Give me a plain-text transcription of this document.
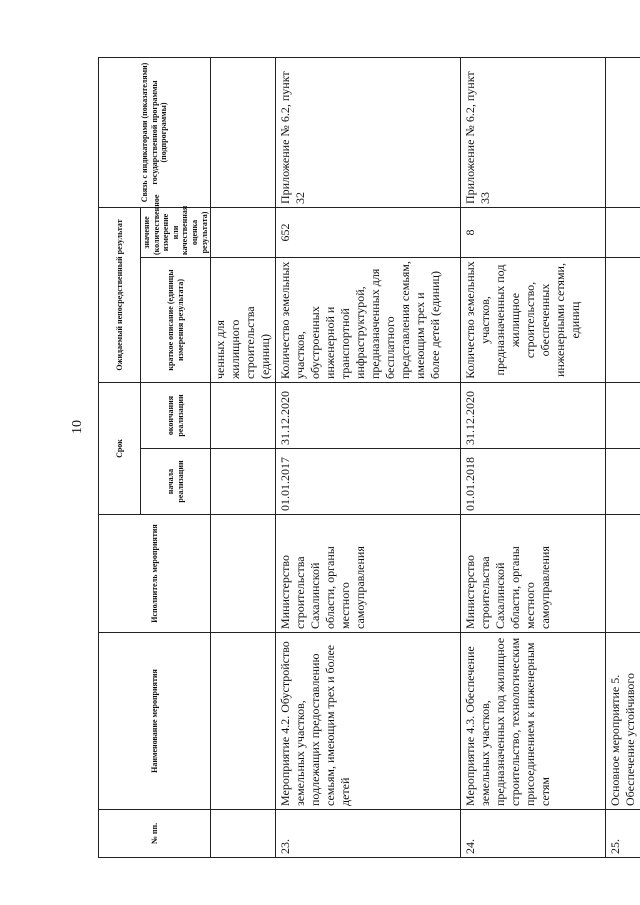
10
№ пп.	Наименование мероприятия	Исполнитель мероприятия	Срок		Ожидаемый непосредственный результат		Связь с индикаторами (показателями) государственной программы (подпрограммы)
			начала реализации	окончания реализации	краткое описание (единицы измерения результата)	значение (количественное измерение или качественная оценка результата)	
					ченных для жилищного строительства (единиц)		
23.	Мероприятие 4.2. Обустройство земельных участков, подлежащих предоставлению семьям, имеющим трех и более детей	Министерство строительства Сахалинской области, органы местного самоуправления	01.01.2017	31.12.2020	Количество земельных участков, обустроенных инженерной и транспортной инфраструктурой, предназначенных для бесплатного представления семьям, имеющим трех и более детей (единиц)	652	Приложение № 6.2, пункт 32
24.	Мероприятие 4.3. Обеспечение земельных участков, предназначенных под жилищное строительство, технологическим присоединением к инженерным сетям	Министерство строительства Сахалинской области, органы местного самоуправления	01.01.2018	31.12.2020	Количество земельных участков, предназначенных под жилищное строительство, обеспеченных инженерными сетями, единиц	8	Приложение № 6.2, пункт 33
25.	Основное мероприятие 5. Обеспечение устойчивого						
